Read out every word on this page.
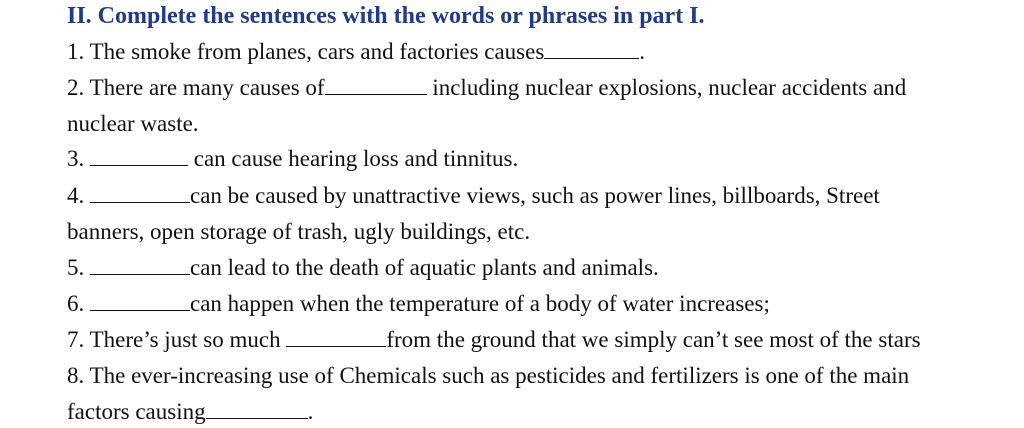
II. Complete the sentences with the words or phrases in part I.
1. The smoke from planes, cars and factories causes	.
2. There are many causes of	including nuclear explosions, nuclear accidents and
nuclear waste.
3.	can cause hearing loss and tinnitus.
4.	can be caused by unattractive views, such as power lines, billboards, Street
banners, open storage of trash, ugly buildings, etc.
5.	can lead to the death of aquatic plants and animals.
6.	can happen when the temperature of a body of water increases;
7. There’s just so much	from the ground that we simply can’t see most of the stars
8. The ever-increasing use of Chemicals such as pesticides and fertilizers is one of the main
factors causing	.
